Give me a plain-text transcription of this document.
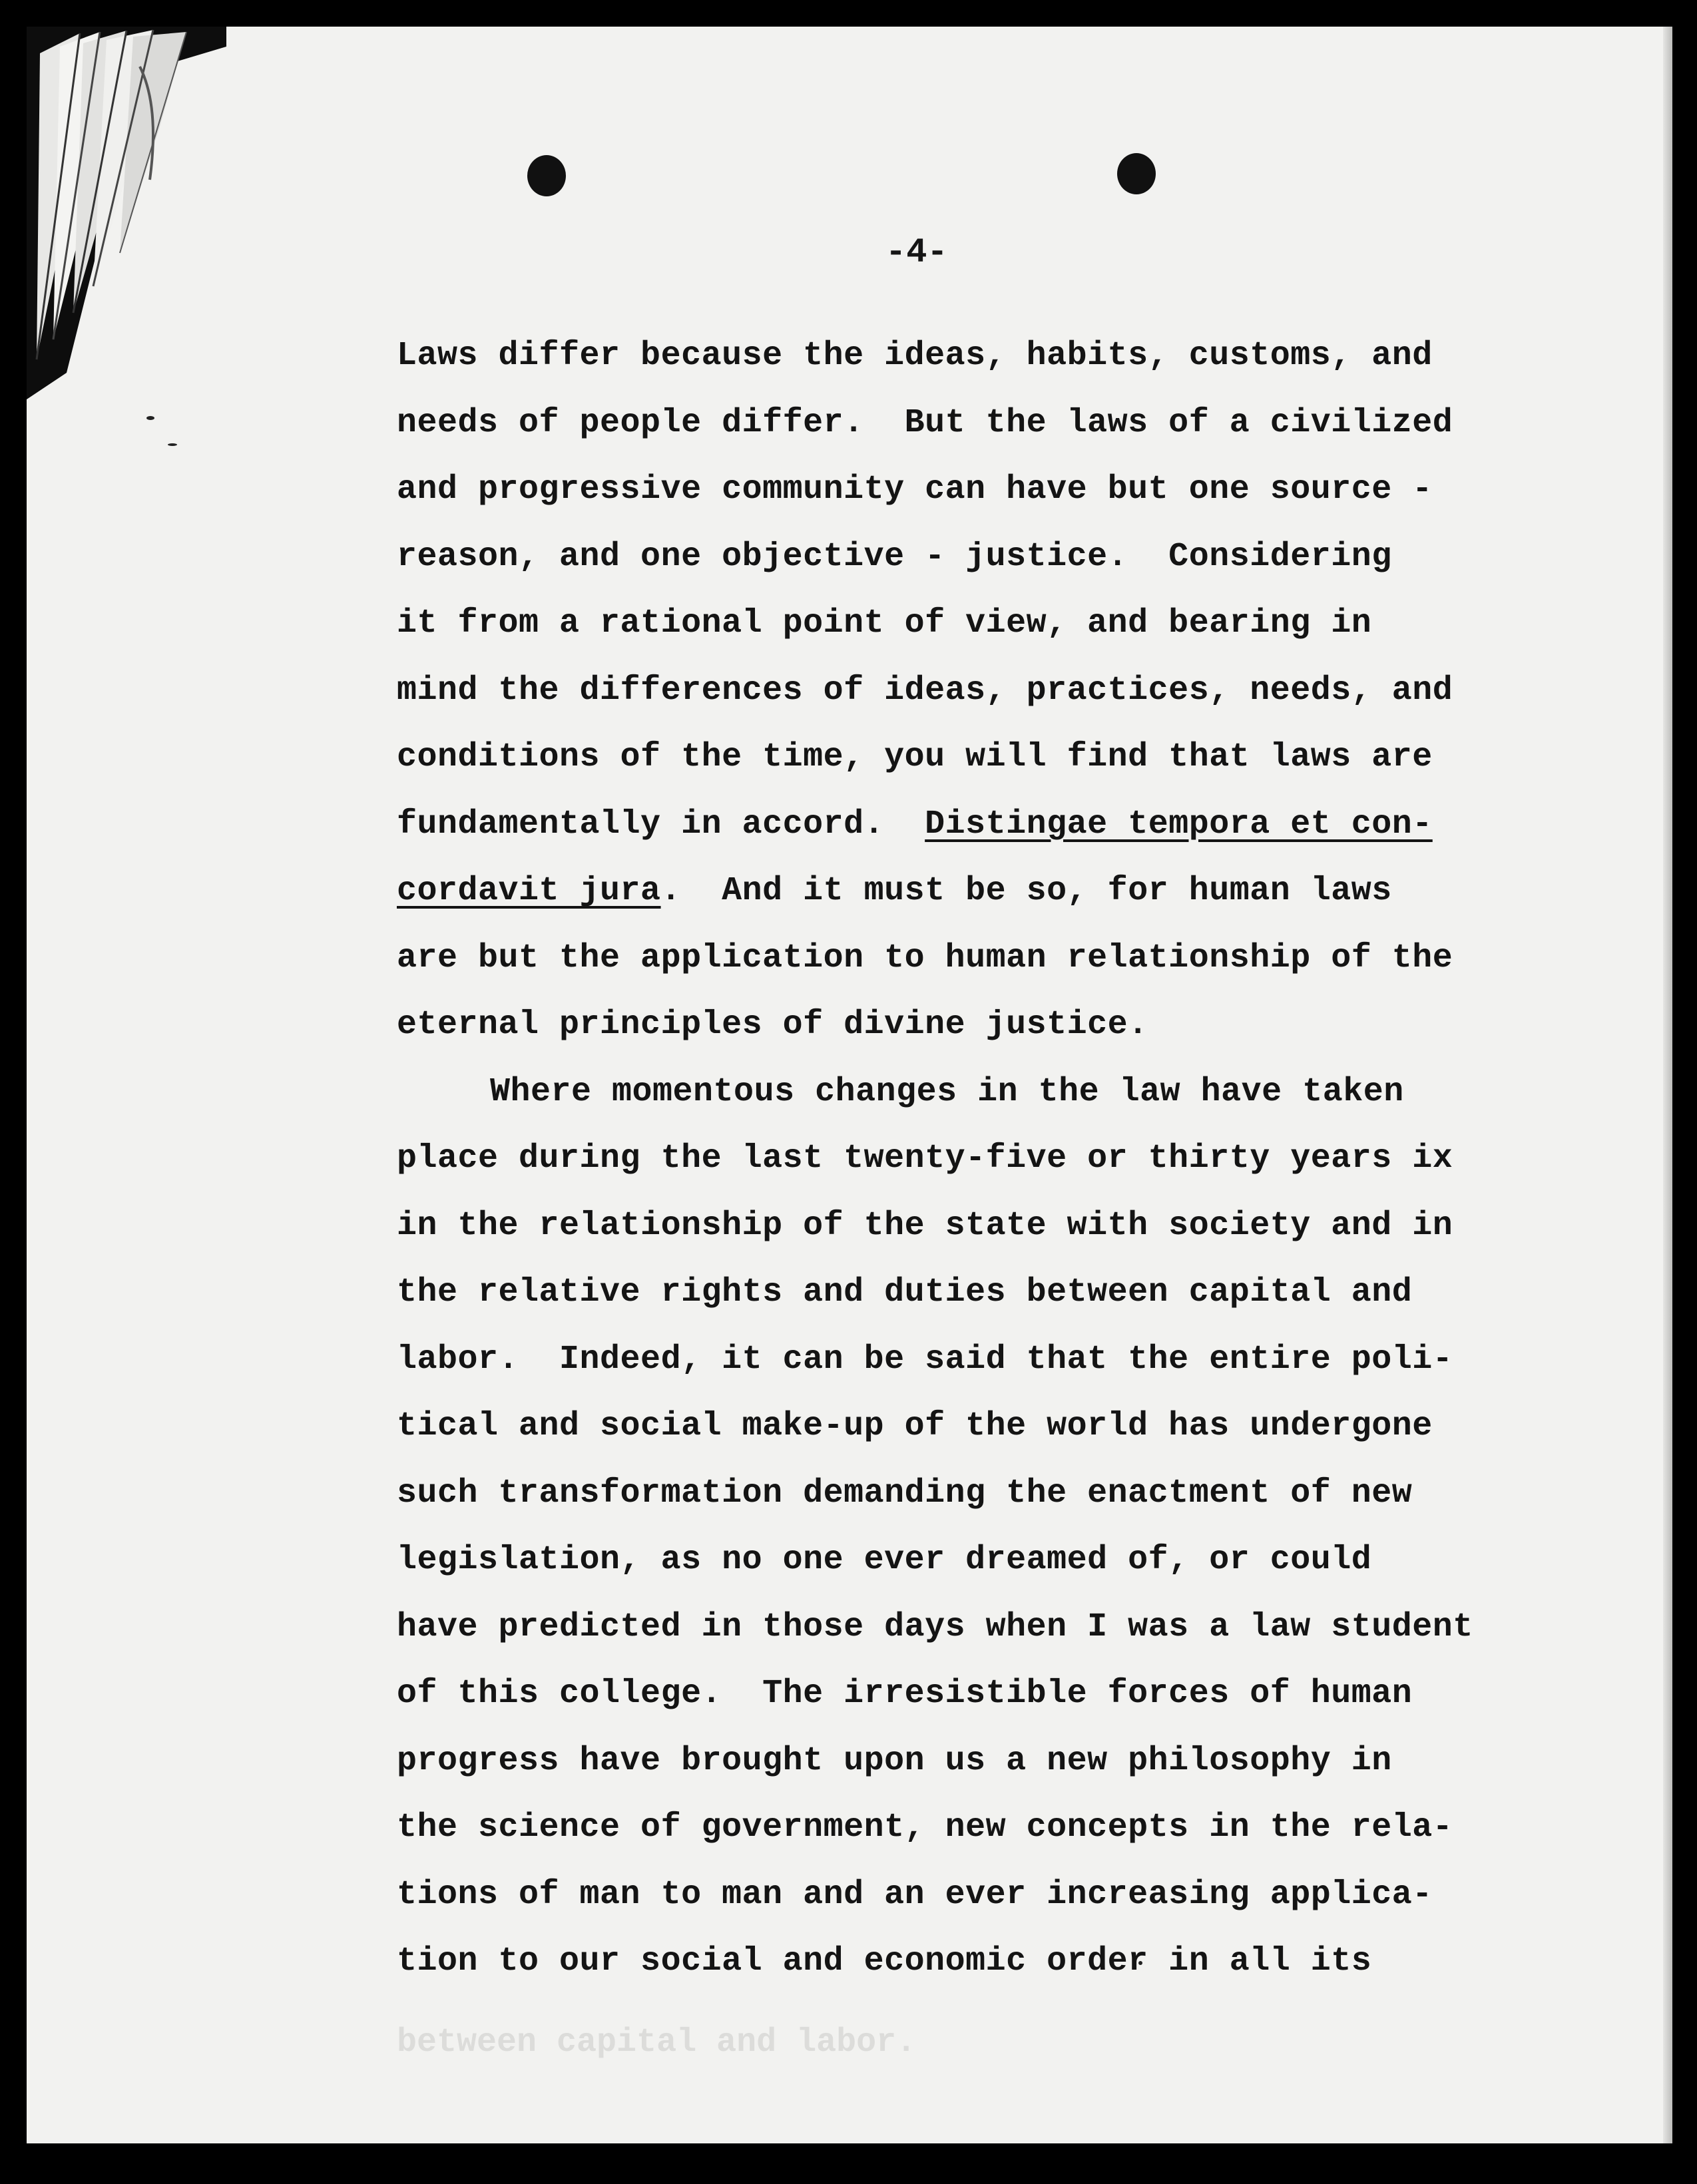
-4-
Laws differ because the ideas, habits, customs, and
needs of people differ.  But the laws of a civilized
and progressive community can have but one source -
reason, and one objective - justice.  Considering
it from a rational point of view, and bearing in
mind the differences of ideas, practices, needs, and
conditions of the time, you will find that laws are
fundamentally in accord.  Distingae tempora et con-
cordavit jura.  And it must be so, for human laws
are but the application to human relationship of the
eternal principles of divine justice.
Where momentous changes in the law have taken
place during the last twenty-five or thirty years ix
in the relationship of the state with society and in
the relative rights and duties between capital and
labor.  Indeed, it can be said that the entire poli-
tical and social make-up of the world has undergone
such transformation demanding the enactment of new
legislation, as no one ever dreamed of, or could
have predicted in those days when I was a law student
of this college.  The irresistible forces of human
progress have brought upon us a new philosophy in
the science of government, new concepts in the rela-
tions of man to man and an ever increasing applica-
tion to our social and economic order in all its
between capital and labor.
